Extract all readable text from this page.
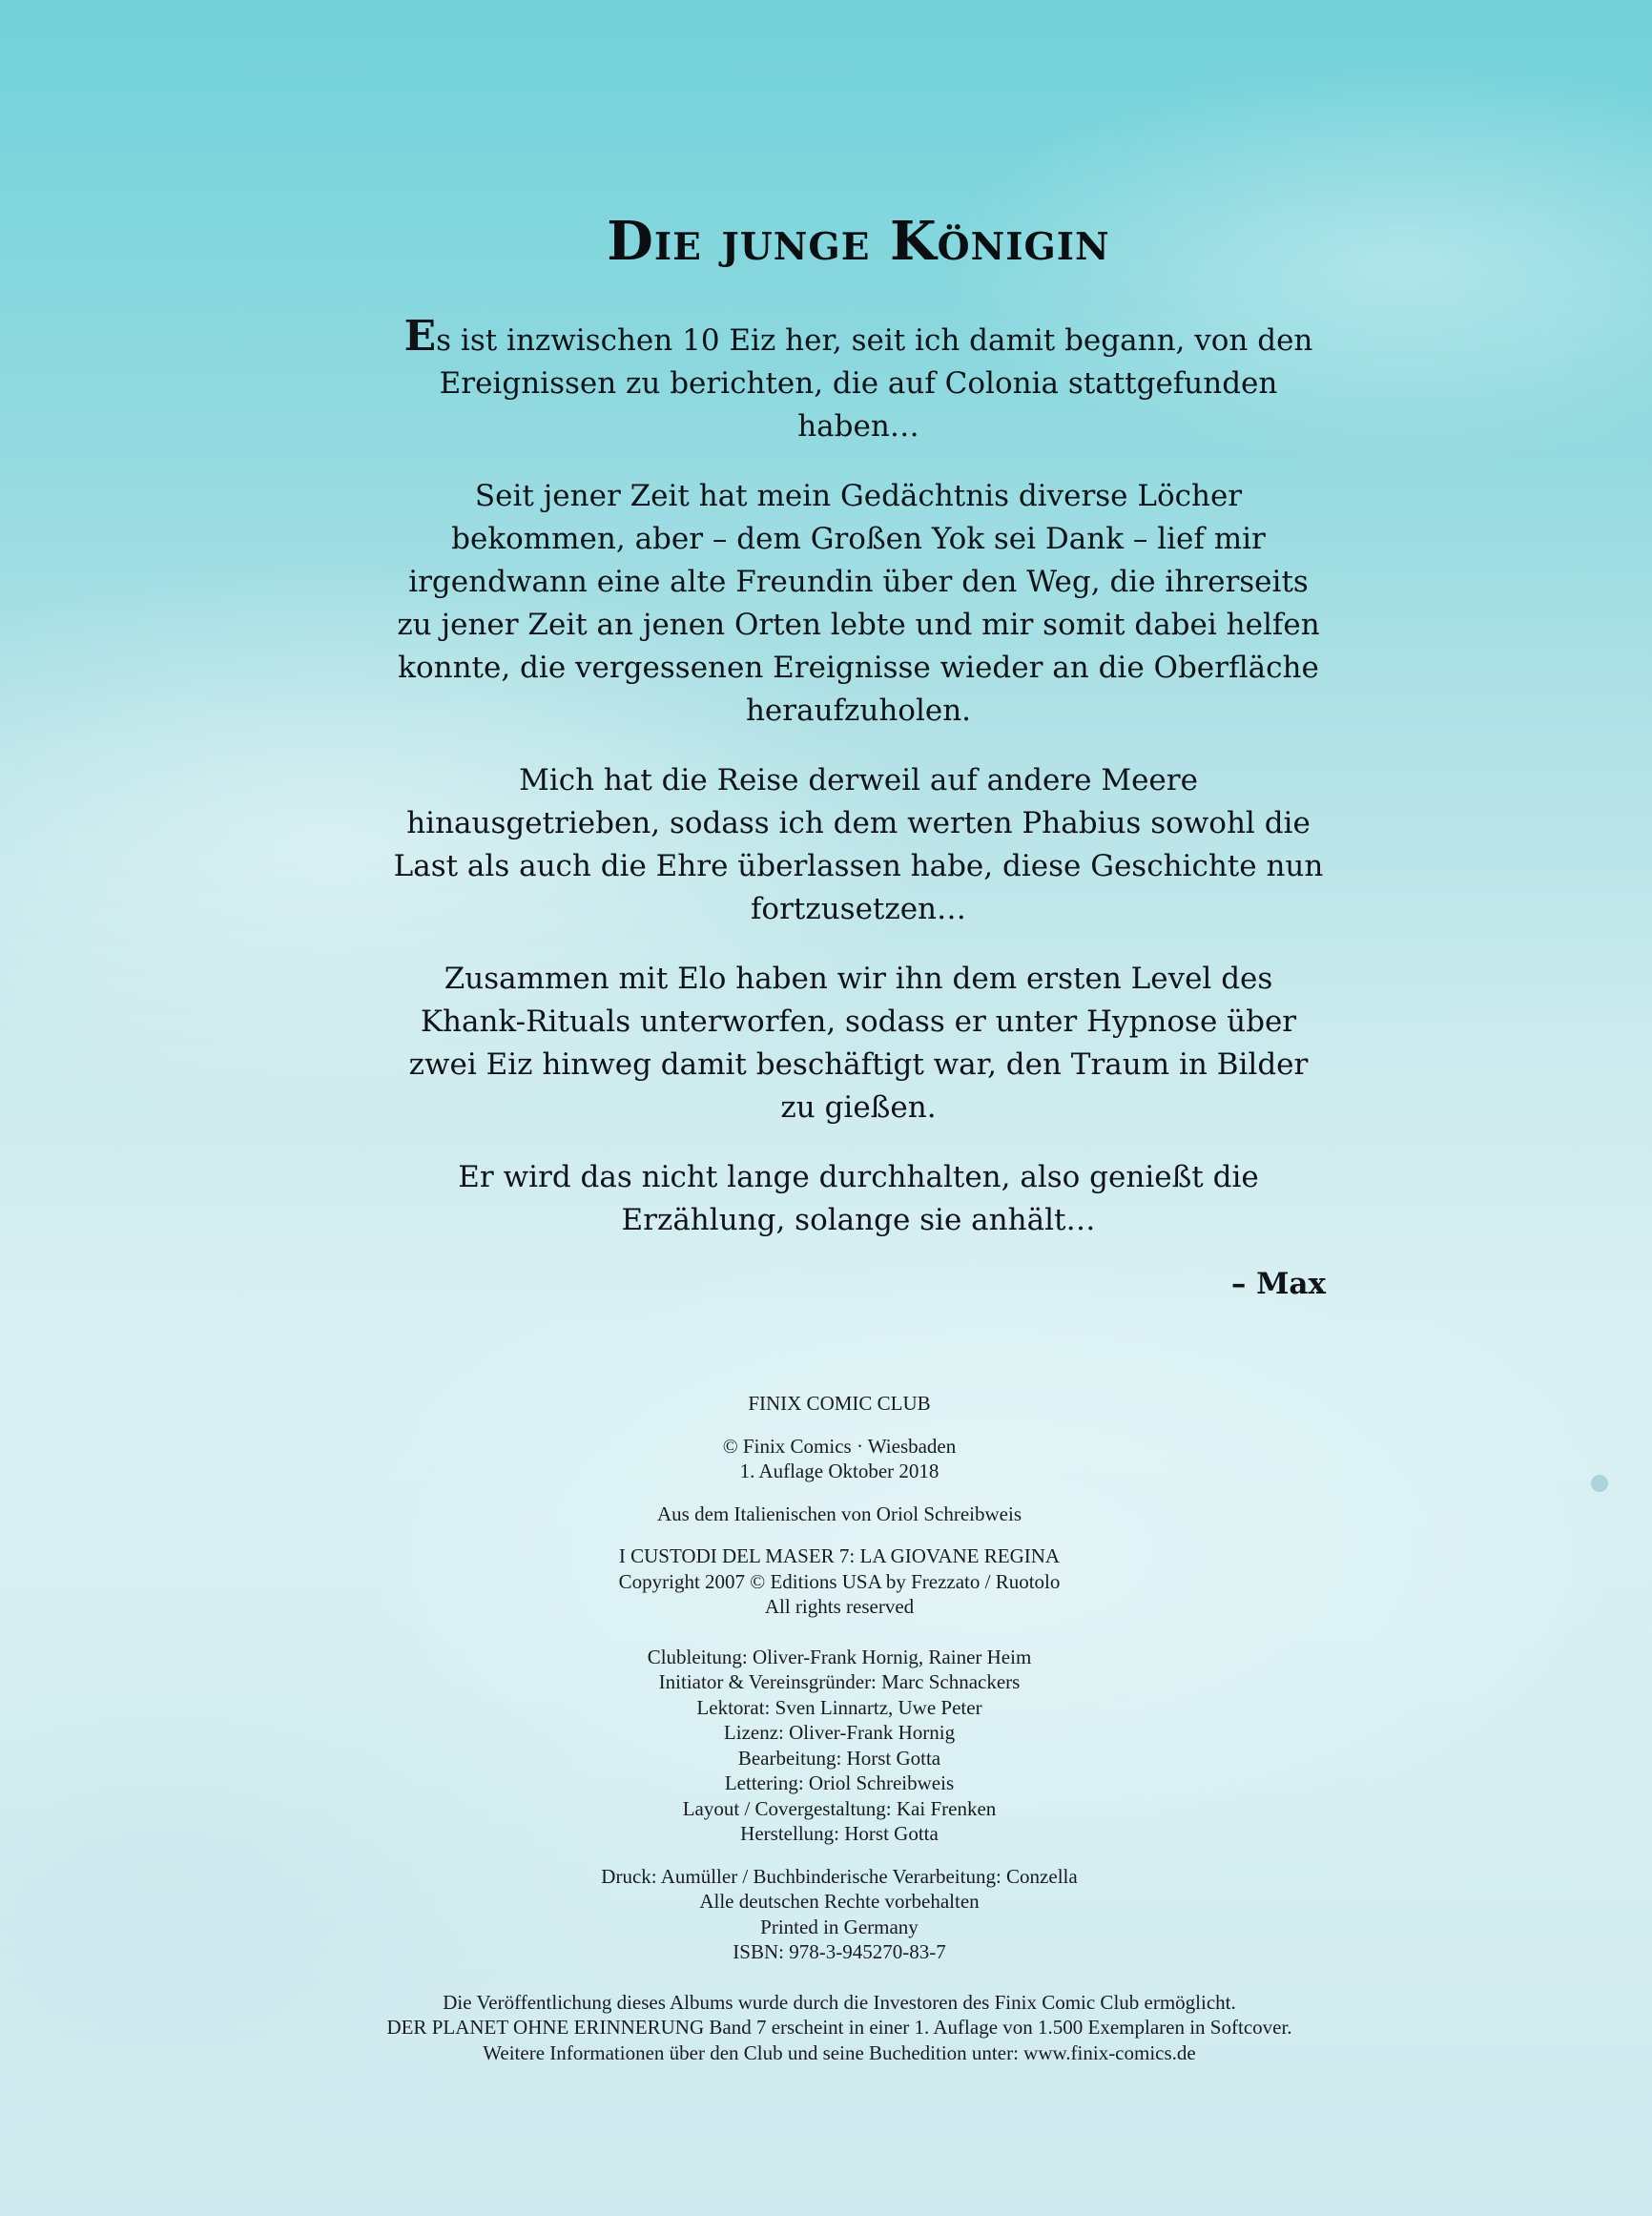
Die junge Königin

Es ist inzwischen 10 Eiz her, seit ich damit begann, von den Ereignissen zu berichten, die auf Colonia stattgefunden haben…

Seit jener Zeit hat mein Gedächtnis diverse Löcher bekommen, aber – dem Großen Yok sei Dank – lief mir irgendwann eine alte Freundin über den Weg, die ihrerseits zu jener Zeit an jenen Orten lebte und mir somit dabei helfen konnte, die vergessenen Ereignisse wieder an die Oberfläche heraufzuholen.

Mich hat die Reise derweil auf andere Meere hinausgetrieben, sodass ich dem werten Phabius sowohl die Last als auch die Ehre überlassen habe, diese Geschichte nun fortzusetzen…

Zusammen mit Elo haben wir ihn dem ersten Level des Khank-Rituals unterworfen, sodass er unter Hypnose über zwei Eiz hinweg damit beschäftigt war, den Traum in Bilder zu gießen.

Er wird das nicht lange durchhalten, also genießt die Erzählung, solange sie anhält…

– Max
FINIX COMIC CLUB
© Finix Comics · Wiesbaden
1. Auflage Oktober 2018
Aus dem Italienischen von Oriol Schreibweis
I CUSTODI DEL MASER 7: LA GIOVANE REGINA
Copyright 2007 © Editions USA by Frezzato / Ruotolo
All rights reserved
Clubleitung: Oliver-Frank Hornig, Rainer Heim
Initiator & Vereinsgründer: Marc Schnackers
Lektorat: Sven Linnartz, Uwe Peter
Lizenz: Oliver-Frank Hornig
Bearbeitung: Horst Gotta
Lettering: Oriol Schreibweis
Layout / Covergestaltung: Kai Frenken
Herstellung: Horst Gotta
Druck: Aumüller / Buchbinderische Verarbeitung: Conzella
Alle deutschen Rechte vorbehalten
Printed in Germany
ISBN: 978-3-945270-83-7
Die Veröffentlichung dieses Albums wurde durch die Investoren des Finix Comic Club ermöglicht.
DER PLANET OHNE ERINNERUNG Band 7 erscheint in einer 1. Auflage von 1.500 Exemplaren in Softcover.
Weitere Informationen über den Club und seine Buchedition unter: www.finix-comics.de
